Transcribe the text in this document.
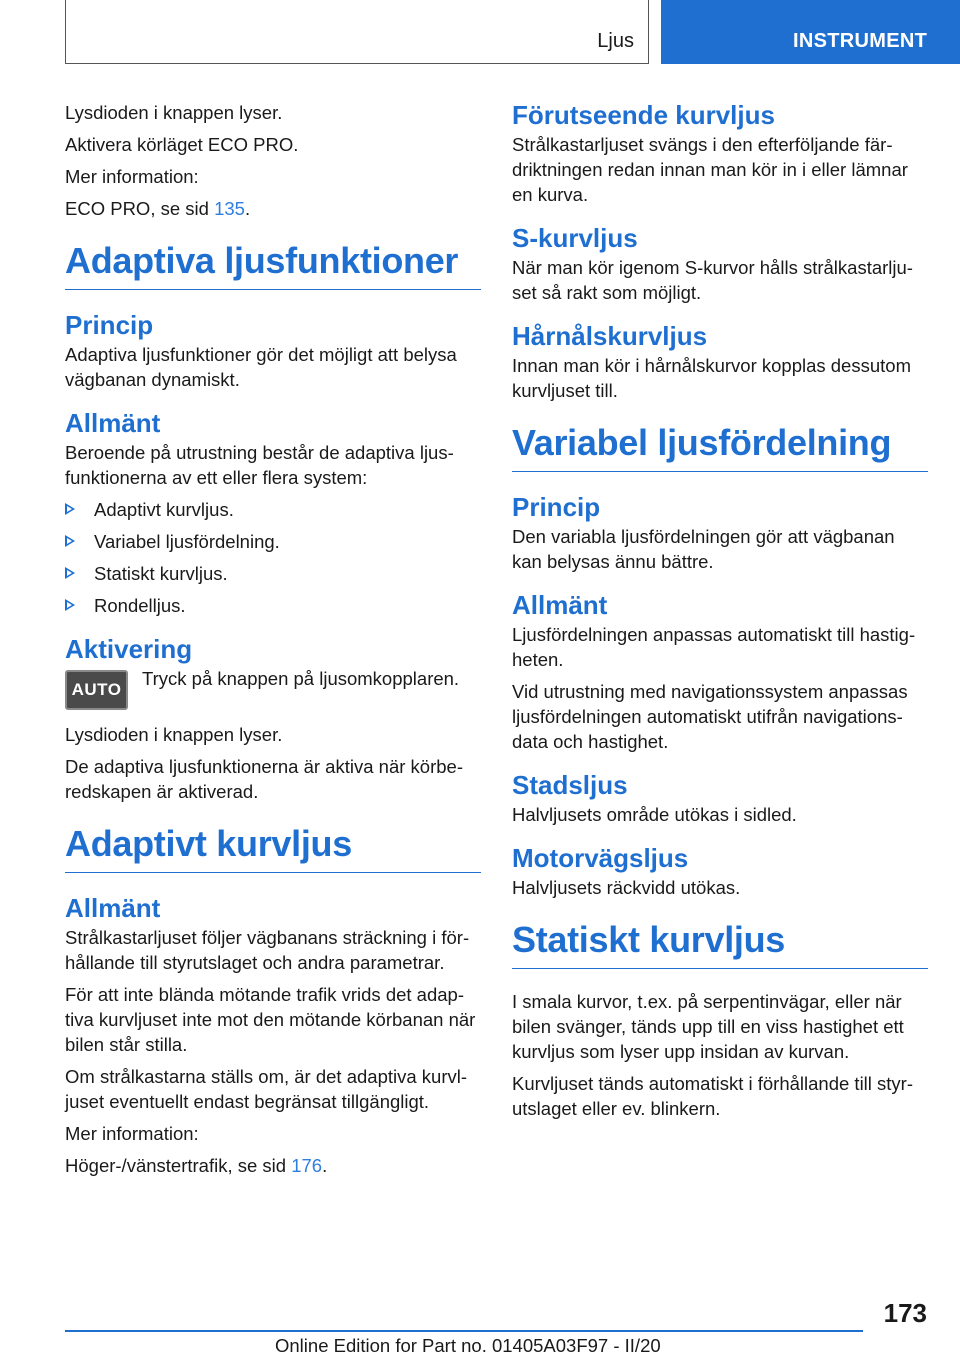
Ljus	INSTRUMENT

Lysdioden i knappen lyser.

Aktivera körläget ECO PRO.

Mer information:

ECO PRO, se sid 135.

Adaptiva ljusfunktioner
Princip

Adaptiva ljusfunktioner gör det möjligt att belysa vägbanan dynamiskt.

Allmänt

Beroende på utrustning består de adaptiva ljusfunktionerna av ett eller flera system:

Adaptivt kurvljus.
Variabel ljusfördelning.
Statiskt kurvljus.
Rondelljus.
Aktivering
AUTO

Tryck på knappen på ljusomkopplaren.

Lysdioden i knappen lyser.

De adaptiva ljusfunktionerna är aktiva när körberedskapen är aktiverad.

Adaptivt kurvljus
Allmänt

Strålkastarljuset följer vägbanans sträckning i förhållande till styrutslaget och andra parametrar.

För att inte blända mötande trafik vrids det adaptiva kurvljuset inte mot den mötande körbanan när bilen står stilla.

Om strålkastarna ställs om, är det adaptiva kurvljuset eventuellt endast begränsat tillgängligt.

Mer information:

Höger-/vänstertrafik, se sid 176.

Förutseende kurvljus

Strålkastarljuset svängs i den efterföljande färdriktningen redan innan man kör in i eller lämnar en kurva.

S-kurvljus

När man kör igenom S-kurvor hålls strålkastarljuset så rakt som möjligt.

Hårnålskurvljus

Innan man kör i hårnålskurvor kopplas dessutom kurvljuset till.

Variabel ljusfördelning
Princip

Den variabla ljusfördelningen gör att vägbanan kan belysas ännu bättre.

Allmänt

Ljusfördelningen anpassas automatiskt till hastigheten.

Vid utrustning med navigationssystem anpassas ljusfördelningen automatiskt utifrån navigationsdata och hastighet.

Stadsljus

Halvljusets område utökas i sidled.

Motorvägsljus

Halvljusets räckvidd utökas.

Statiskt kurvljus

I smala kurvor, t.ex. på serpentinvägar, eller när bilen svänger, tänds upp till en viss hastighet ett kurvljus som lyser upp insidan av kurvan.

Kurvljuset tänds automatiskt i förhållande till styrutslaget eller ev. blinkern.

173
Online Edition for Part no. 01405A03F97 - II/20
